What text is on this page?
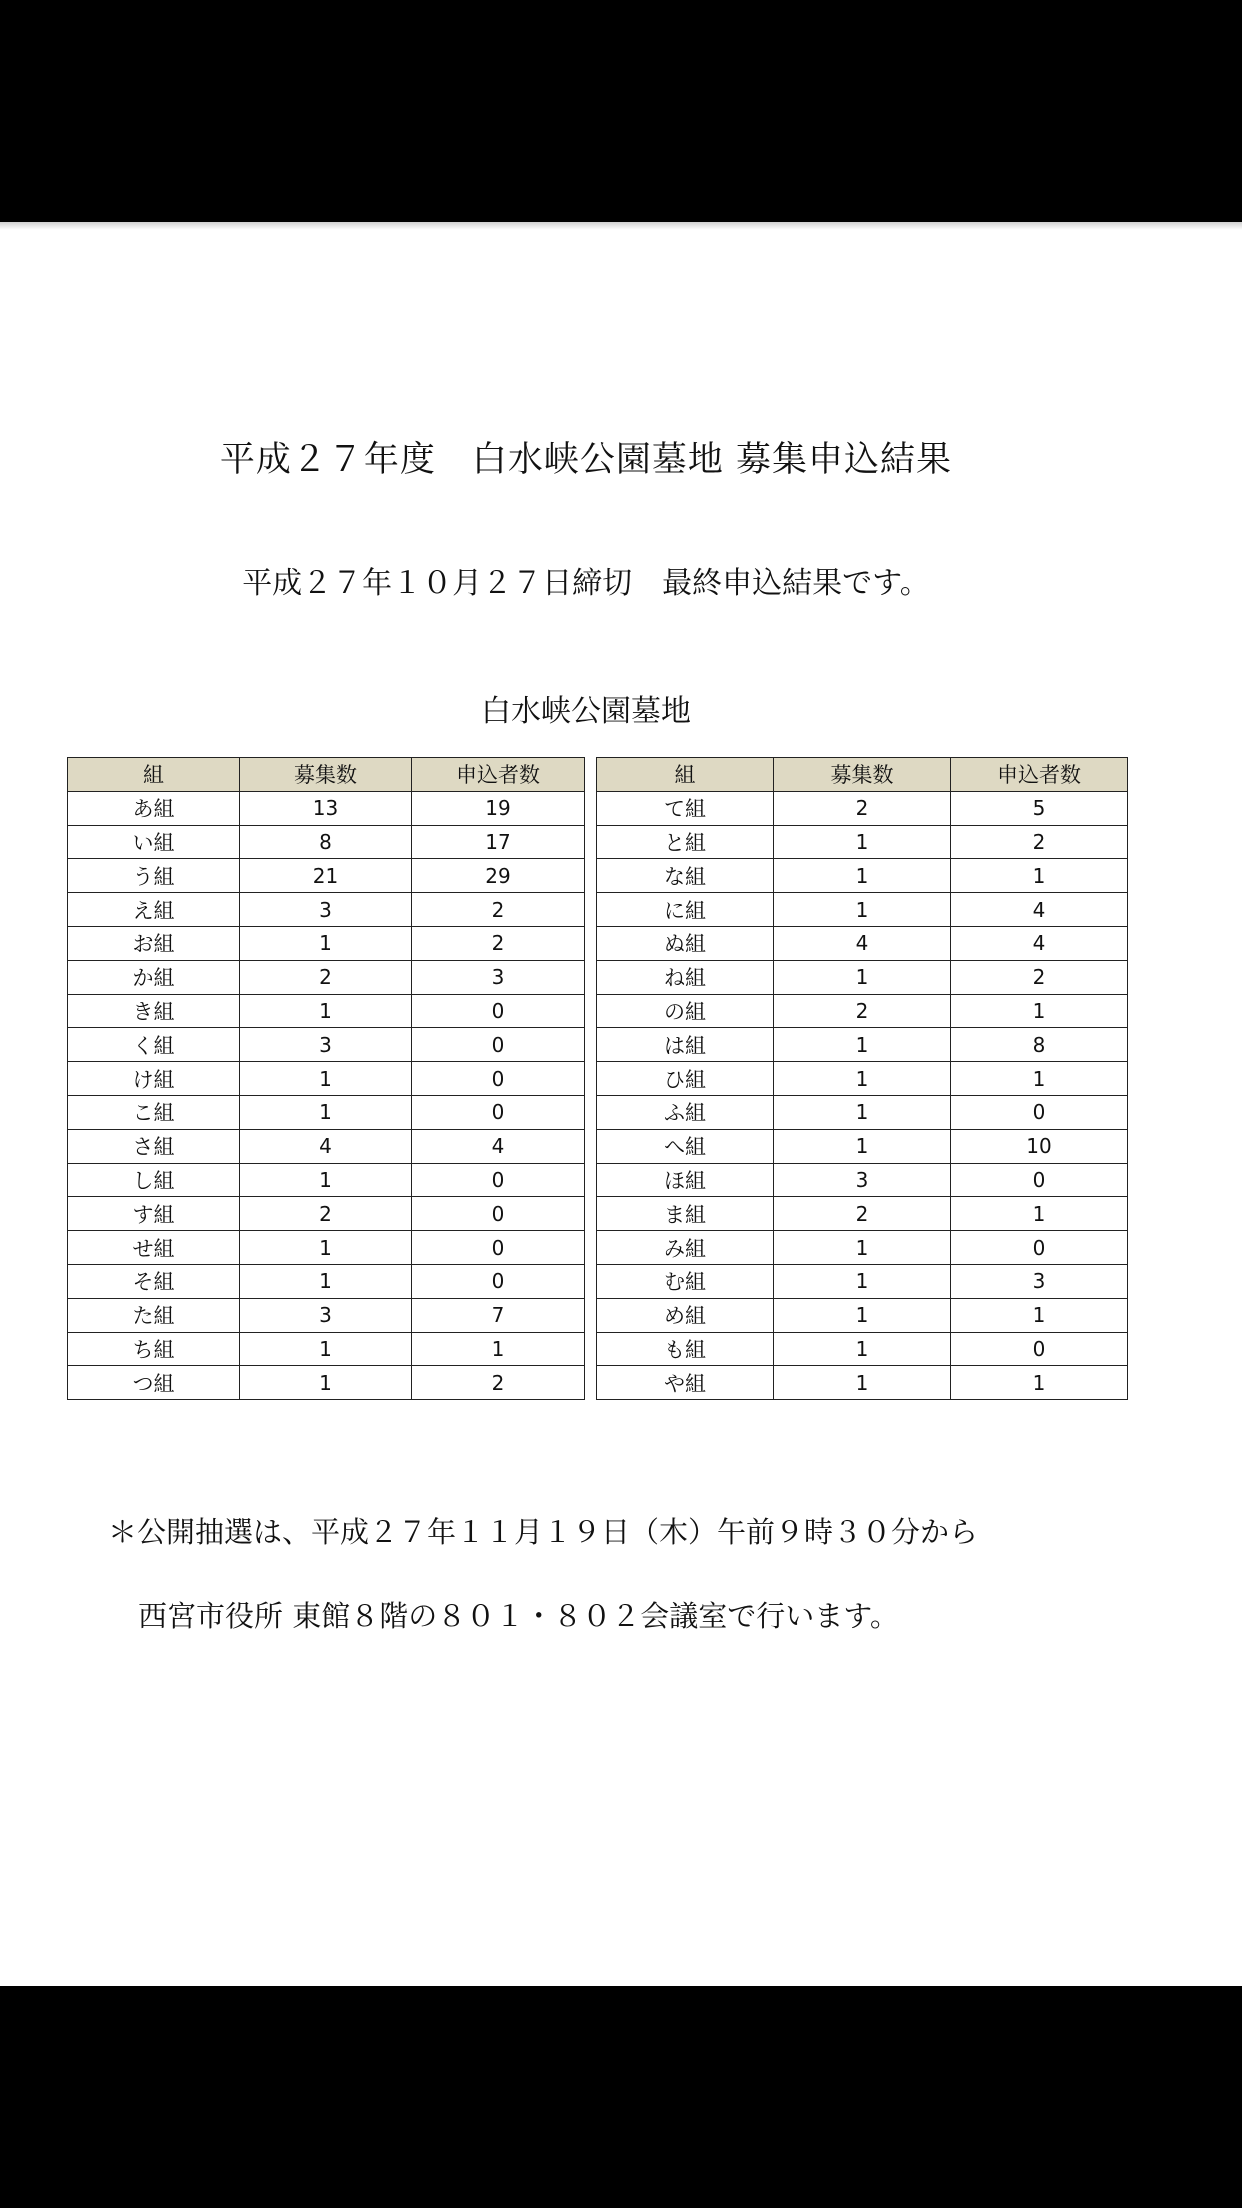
平成２７年度　白水峡公園墓地 募集申込結果
平成２７年１０月２７日締切　最終申込結果です。
白水峡公園墓地
組	募集数	申込者数
あ組	13	19
い組	8	17
う組	21	29
え組	3	2
お組	1	2
か組	2	3
き組	1	0
く組	3	0
け組	1	0
こ組	1	0
さ組	4	4
し組	1	0
す組	2	0
せ組	1	0
そ組	1	0
た組	3	7
ち組	1	1
つ組	1	2
組	募集数	申込者数
て組	2	5
と組	1	2
な組	1	1
に組	1	4
ぬ組	4	4
ね組	1	2
の組	2	1
は組	1	8
ひ組	1	1
ふ組	1	0
へ組	1	10
ほ組	3	0
ま組	2	1
み組	1	0
む組	1	3
め組	1	1
も組	1	0
や組	1	1
＊公開抽選は、平成２７年１１月１９日（木）午前９時３０分から
西宮市役所 東館８階の８０１・８０２会議室で行います。
